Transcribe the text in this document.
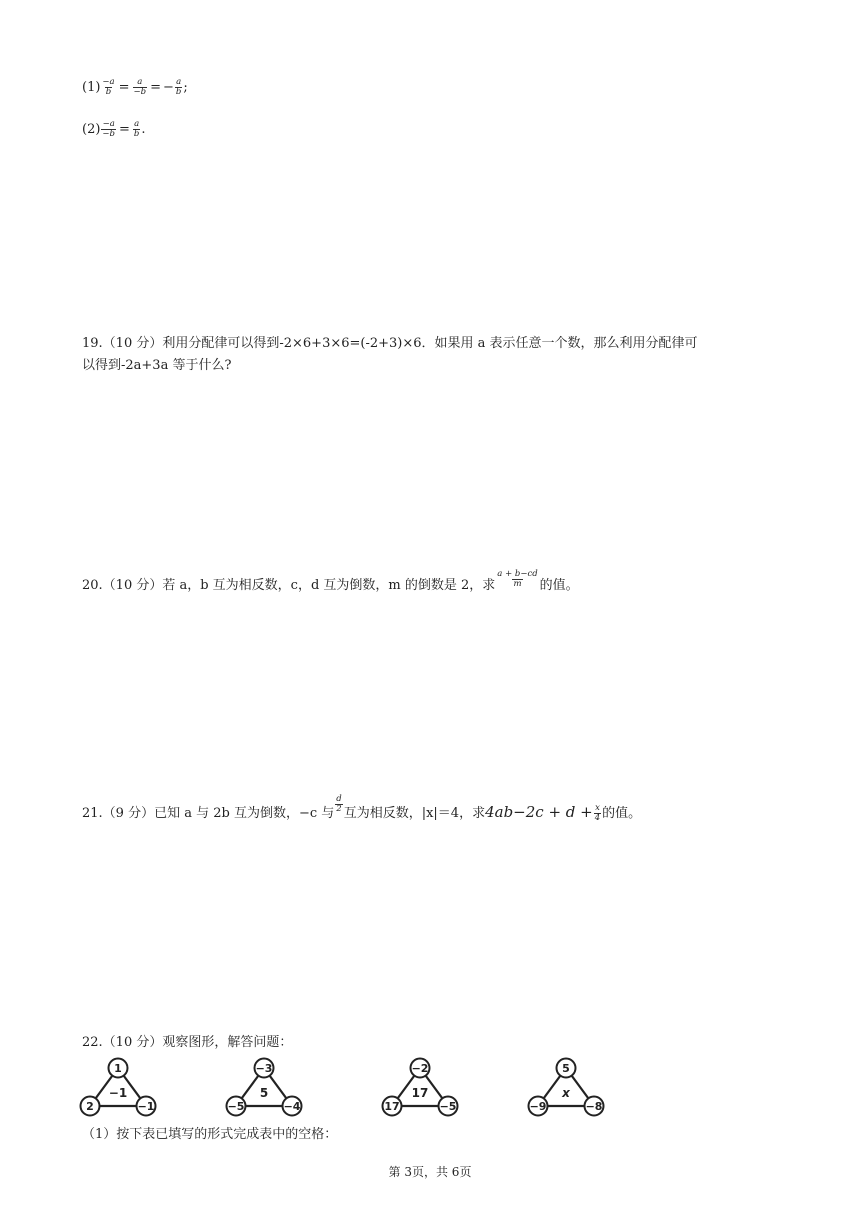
$(1) \frac{-a}{b} = \frac{a}{-b}$ = − $\frac{a}{b}$ ;
$(2) \frac{-a}{-b} = \frac{a}{b}$ .
19.（10 分）利用分配律可以得到-2×6+3×6=(-2+3)×6．如果用 a 表示任意一个数，那么利用分配律可
以得到-2a+3a 等于什么?
20.（10 分）若 a，b 互为相反数，c，d 互为倒数，m 的倒数是 2，求 $\frac{a + b-cd}{m}$ 的值。
21.（9 分）已知 a 与 2b 互为倒数，−c 与 $\frac{d}{2}$ 互为相反数，|x|＝4，求$4ab-2c + d + \frac{x}{4}$ 的值。
22.（10 分）观察图形，解答问题：
1
2	−1
−1
−3
−5	−4
5
−2
17	−5
17
5
−9	−8
x
（1）按下表已填写的形式完成表中的空格：
第 3页，共 6页
